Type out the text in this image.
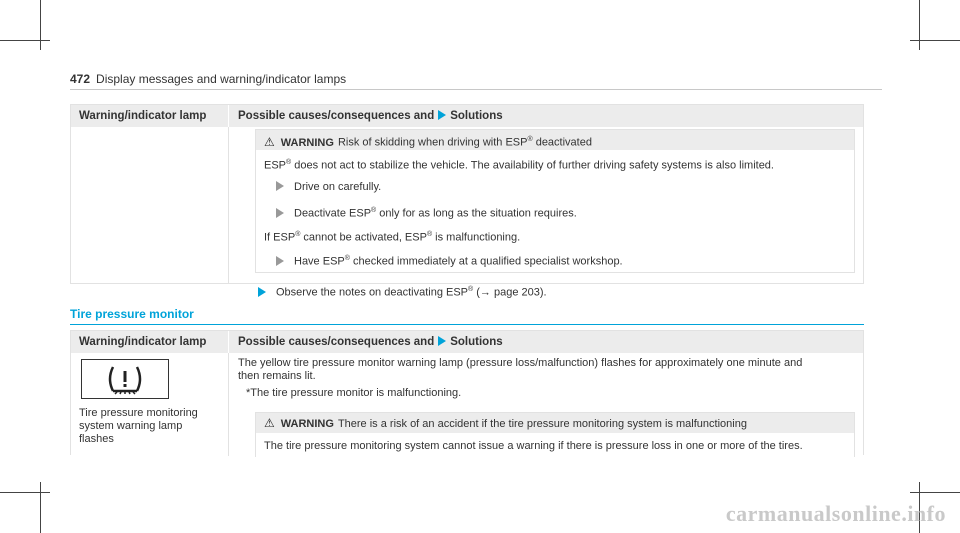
472 Display messages and warning/indicator lamps
Warning/indicator lamp	Possible causes/consequences and Solutions
⚠ WARNING Risk of skidding when driving with ESP® deactivated
ESP® does not act to stabilize the vehicle. The availability of further driving safety systems is also limited.
Drive on carefully.
Deactivate ESP® only for as long as the situation requires.
If ESP® cannot be activated, ESP® is malfunctioning.
Have ESP® checked immediately at a qualified specialist workshop.
Observe the notes on deactivating ESP® (→ page 203).
Tire pressure monitor
Warning/indicator lamp	Possible causes/consequences and Solutions
Tire pressure monitoring
system warning lamp
flashes
The yellow tire pressure monitor warning lamp (pressure loss/malfunction) flashes for approximately one minute and
then remains lit.
*The tire pressure monitor is malfunctioning.
⚠ WARNING There is a risk of an accident if the tire pressure monitoring system is malfunctioning
The tire pressure monitoring system cannot issue a warning if there is pressure loss in one or more of the tires.
carmanualsonline.info
